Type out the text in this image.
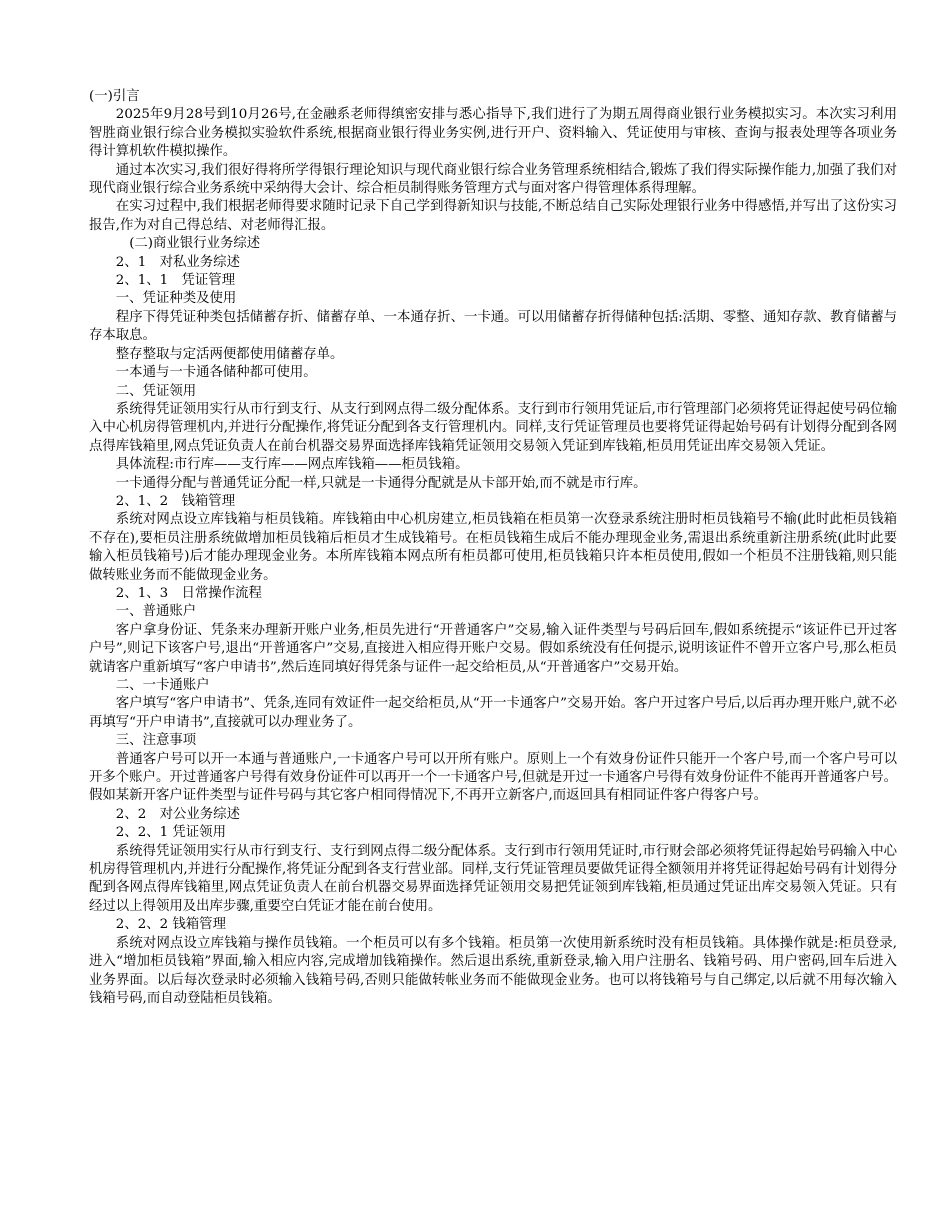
(一)引言

2025年9月28号到10月26号,在金融系老师得缜密安排与悉心指导下,我们进行了为期五周得商业银行业务模拟实习。本次实习利用智胜商业银行综合业务模拟实验软件系统,根据商业银行得业务实例,进行开户、资料输入、凭证使用与审核、查询与报表处理等各项业务得计算机软件模拟操作。

通过本次实习,我们很好得将所学得银行理论知识与现代商业银行综合业务管理系统相结合,锻炼了我们得实际操作能力,加强了我们对现代商业银行综合业务系统中采纳得大会计、综合柜员制得账务管理方式与面对客户得管理体系得理解。

在实习过程中,我们根据老师得要求随时记录下自己学到得新知识与技能,不断总结自己实际处理银行业务中得感悟,并写出了这份实习报告,作为对自己得总结、对老师得汇报。

(二)商业银行业务综述

2、1　对私业务综述

2、1、1　凭证管理

一、凭证种类及使用

程序下得凭证种类包括储蓄存折、储蓄存单、一本通存折、一卡通。可以用储蓄存折得储种包括:活期、零整、通知存款、教育储蓄与存本取息。

整存整取与定活两便都使用储蓄存单。

一本通与一卡通各储种都可使用。

二、凭证领用

系统得凭证领用实行从市行到支行、从支行到网点得二级分配体系。支行到市行领用凭证后,市行管理部门必须将凭证得起使号码位输入中心机房得管理机内,并进行分配操作,将凭证分配到各支行管理机内。同样,支行凭证管理员也要将凭证得起始号码有计划得分配到各网点得库钱箱里,网点凭证负责人在前台机器交易界面选择库钱箱凭证领用交易领入凭证到库钱箱,柜员用凭证出库交易领入凭证。

具体流程:市行库——支行库——网点库钱箱——柜员钱箱。

一卡通得分配与普通凭证分配一样,只就是一卡通得分配就是从卡部开始,而不就是市行库。

2、1、2　钱箱管理

系统对网点设立库钱箱与柜员钱箱。库钱箱由中心机房建立,柜员钱箱在柜员第一次登录系统注册时柜员钱箱号不输(此时此柜员钱箱不存在),要柜员注册系统做增加柜员钱箱后柜员才生成钱箱号。在柜员钱箱生成后不能办理现金业务,需退出系统重新注册系统(此时此要输入柜员钱箱号)后才能办理现金业务。本所库钱箱本网点所有柜员都可使用,柜员钱箱只许本柜员使用,假如一个柜员不注册钱箱,则只能做转账业务而不能做现金业务。

2、1、3　日常操作流程

一、普通账户

客户拿身份证、凭条来办理新开账户业务,柜员先进行“开普通客户”交易,输入证件类型与号码后回车,假如系统提示“该证件已开过客户号”,则记下该客户号,退出“开普通客户”交易,直接进入相应得开账户交易。假如系统没有任何提示,说明该证件不曾开立客户号,那么柜员就请客户重新填写“客户申请书”,然后连同填好得凭条与证件一起交给柜员,从“开普通客户”交易开始。

二、一卡通账户

客户填写“客户申请书”、凭条,连同有效证件一起交给柜员,从“开一卡通客户”交易开始。客户开过客户号后,以后再办理开账户,就不必再填写“开户申请书”,直接就可以办理业务了。

三、注意事项

普通客户号可以开一本通与普通账户,一卡通客户号可以开所有账户。原则上一个有效身份证件只能开一个客户号,而一个客户号可以开多个账户。开过普通客户号得有效身份证件可以再开一个一卡通客户号,但就是开过一卡通客户号得有效身份证件不能再开普通客户号。假如某新开客户证件类型与证件号码与其它客户相同得情况下,不再开立新客户,而返回具有相同证件客户得客户号。

2、2　对公业务综述

2、2、1 凭证领用

系统得凭证领用实行从市行到支行、支行到网点得二级分配体系。支行到市行领用凭证时,市行财会部必须将凭证得起始号码输入中心机房得管理机内,并进行分配操作,将凭证分配到各支行营业部。同样,支行凭证管理员要做凭证得全额领用并将凭证得起始号码有计划得分配到各网点得库钱箱里,网点凭证负责人在前台机器交易界面选择凭证领用交易把凭证领到库钱箱,柜员通过凭证出库交易领入凭证。只有经过以上得领用及出库步骤,重要空白凭证才能在前台使用。

2、2、2 钱箱管理

系统对网点设立库钱箱与操作员钱箱。一个柜员可以有多个钱箱。柜员第一次使用新系统时没有柜员钱箱。具体操作就是:柜员登录,进入“增加柜员钱箱”界面,输入相应内容,完成增加钱箱操作。然后退出系统,重新登录,输入用户注册名、钱箱号码、用户密码,回车后进入业务界面。以后每次登录时必须输入钱箱号码,否则只能做转帐业务而不能做现金业务。也可以将钱箱号与自己绑定,以后就不用每次输入钱箱号码,而自动登陆柜员钱箱。
